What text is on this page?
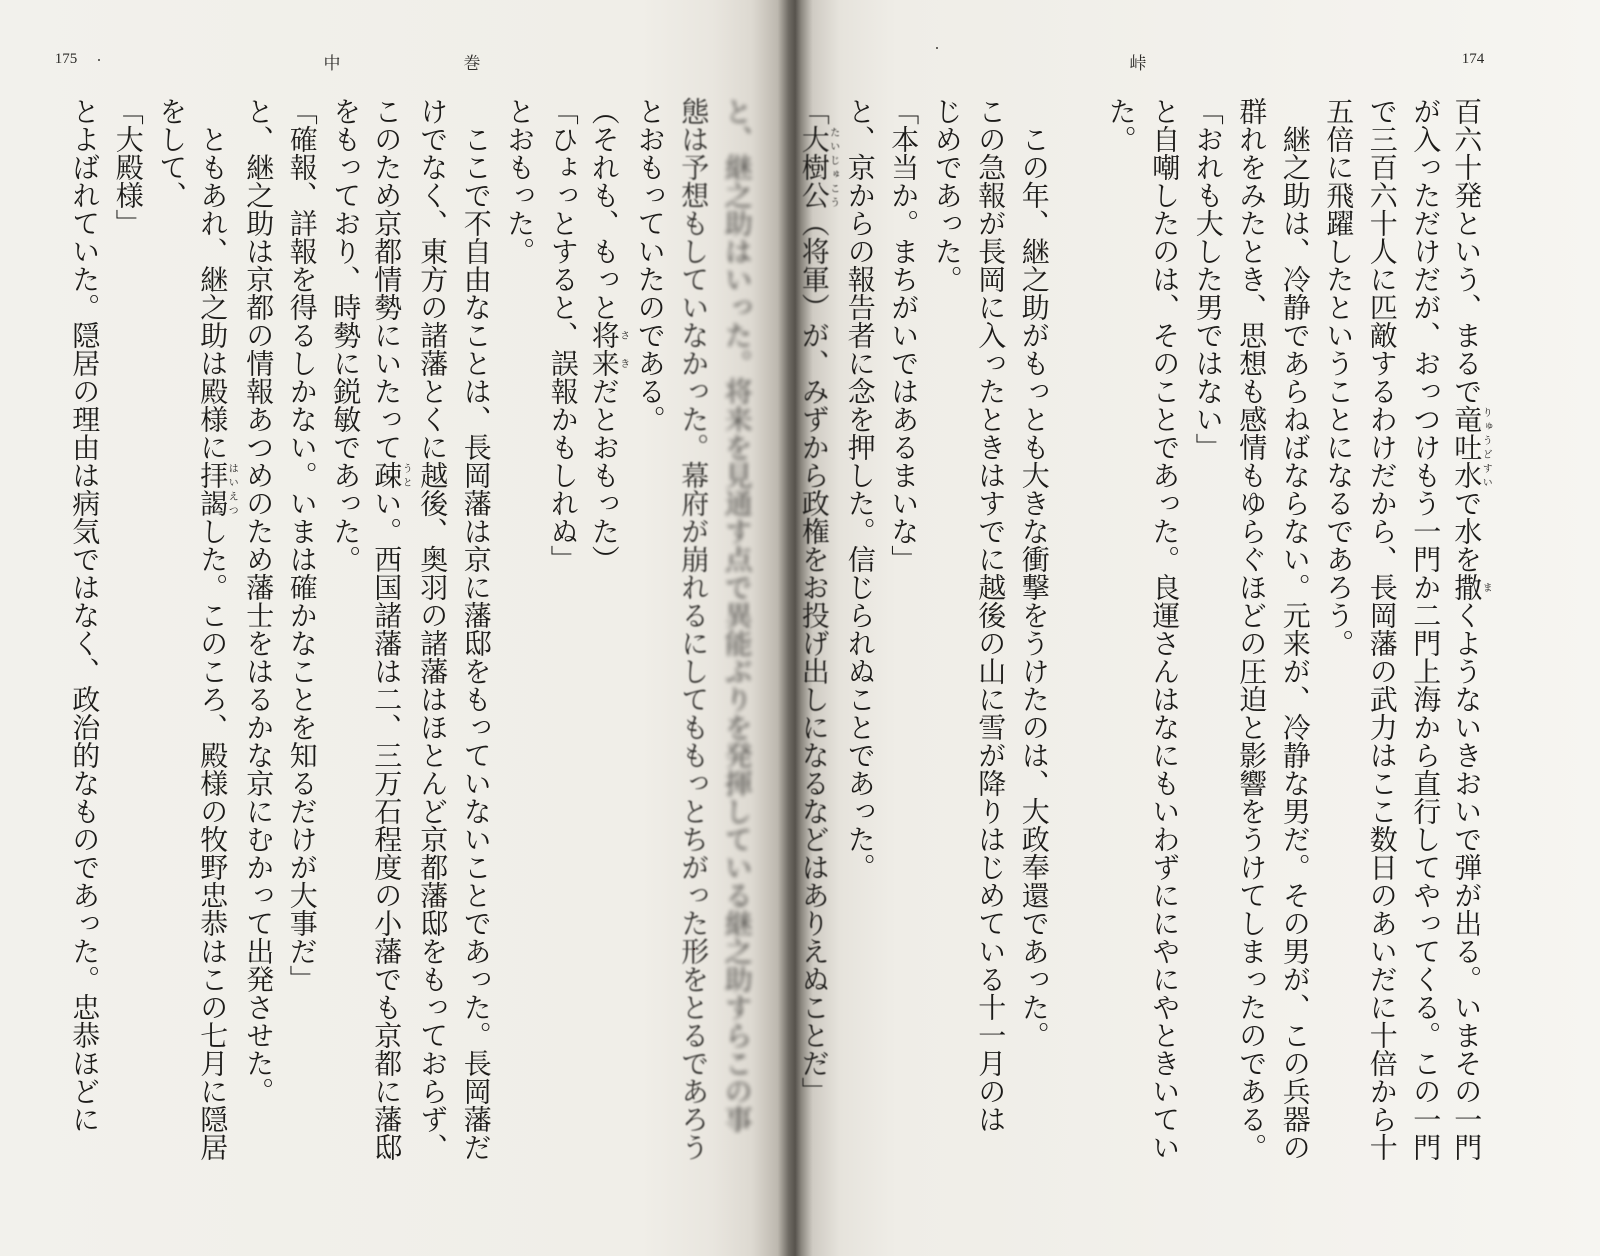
174
峠
175	中	巻
百六十発という、まるで竜吐水りゅうどすいで水を撒まくようないきおいで弾が出る。いまその一門
が入っただけだが、おっつけもう一門か二門上海から直行してやってくる。この一門
で三百六十人に匹敵するわけだから、長岡藩の武力はここ数日のあいだに十倍から十
五倍に飛躍したということになるであろう。
　継之助は、冷静であらねばならない。元来が、冷静な男だ。その男が、この兵器の
群れをみたとき、思想も感情もゆらぐほどの圧迫と影響をうけてしまったのである。
「おれも大した男ではない」
と自嘲したのは、そのことであった。良運さんはなにもいわずににやにやときいてい
た。
　この年、継之助がもっとも大きな衝撃をうけたのは、大政奉還であった。
この急報が長岡に入ったときはすでに越後の山に雪が降りはじめている十一月のは
じめであった。
「本当か。まちがいではあるまいな」
と、京からの報告者に念を押した。信じられぬことであった。
「大樹公たいじゅこう（将軍）が、みずから政権をお投げ出しになるなどはありえぬことだ」
と、継之助はいった。将来を見通す点で異能ぶりを発揮している継之助すらこの事
態は予想もしていなかった。幕府が崩れるにしてももっとちがった形をとるであろう
とおもっていたのである。
（それも、もっと将来さきだとおもった）
「ひょっとすると、誤報かもしれぬ」
とおもった。
　ここで不自由なことは、長岡藩は京に藩邸をもっていないことであった。長岡藩だ
けでなく、東方の諸藩とくに越後、奥羽の諸藩はほとんど京都藩邸をもっておらず、
このため京都情勢にいたって疎うとい。西国諸藩は二、三万石程度の小藩でも京都に藩邸
をもっており、時勢に鋭敏であった。
「確報、詳報を得るしかない。いまは確かなことを知るだけが大事だ」
と、継之助は京都の情報あつめのため藩士をはるかな京にむかって出発させた。
　ともあれ、継之助は殿様に拝謁はいえつした。このころ、殿様の牧野忠恭はこの七月に隠居
をして、
「大殿様」
とよばれていた。隠居の理由は病気ではなく、政治的なものであった。忠恭ほどに
